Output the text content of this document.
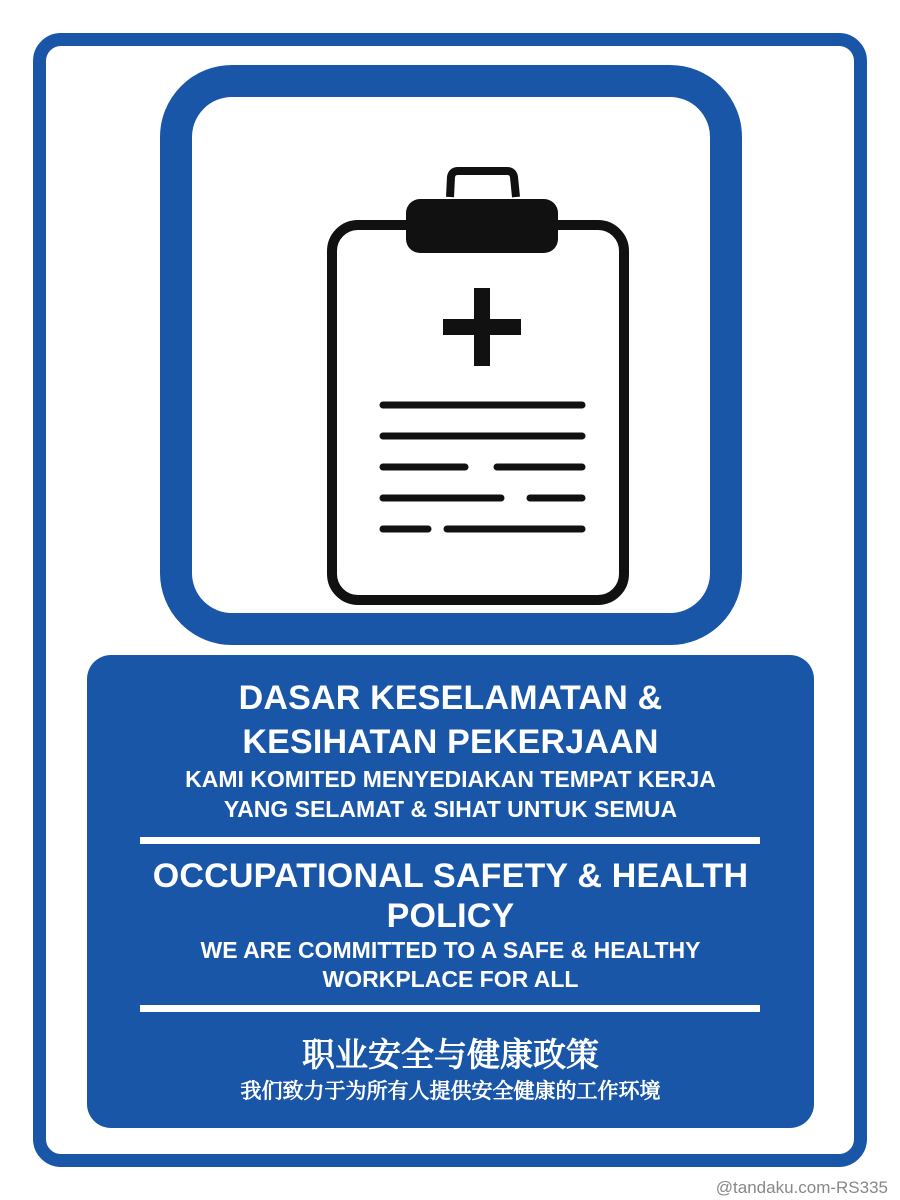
DASAR KESELAMATAN &
KESIHATAN PEKERJAAN
KAMI KOMITED MENYEDIAKAN TEMPAT KERJA
YANG SELAMAT & SIHAT UNTUK SEMUA
OCCUPATIONAL SAFETY & HEALTH
POLICY
WE ARE COMMITTED TO A SAFE & HEALTHY
WORKPLACE FOR ALL
职业安全与健康政策
我们致力于为所有人提供安全健康的工作环境
@tandaku.com-RS335
